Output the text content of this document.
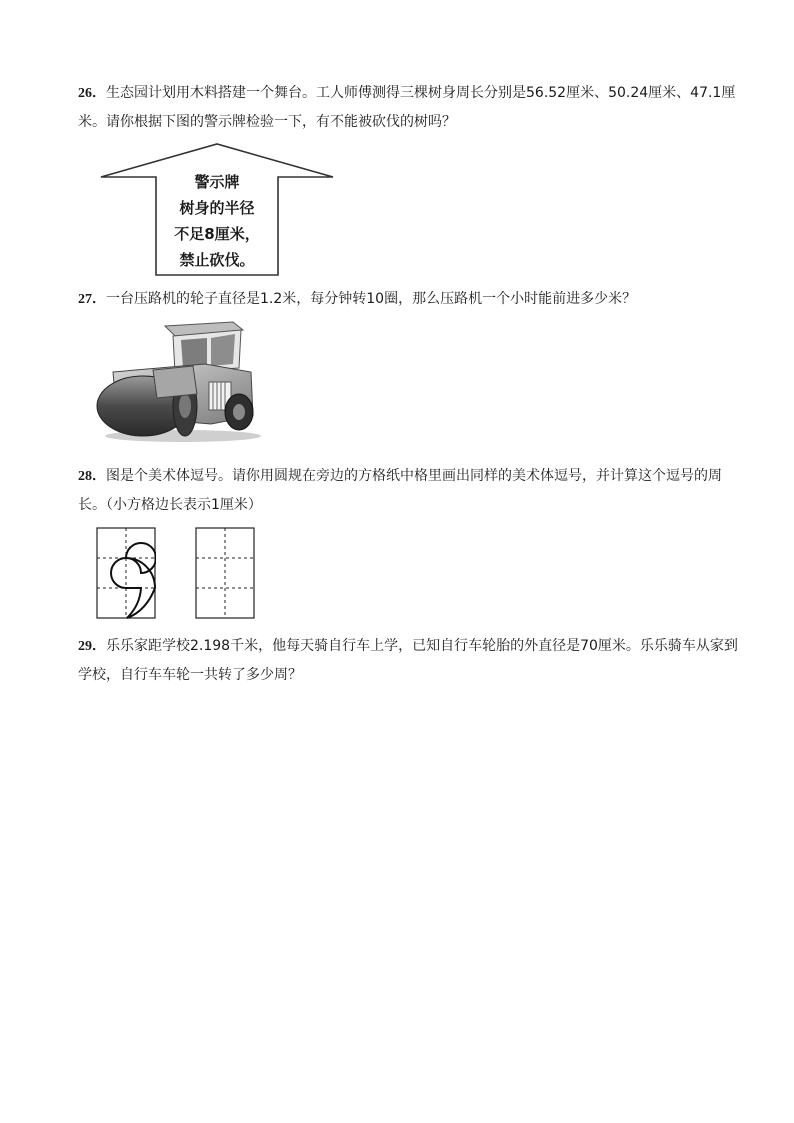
26．生态园计划用木料搭建一个舞台。工人师傅测得三棵树身周长分别是56.52厘米、50.24厘米、47.1厘米。请你根据下图的警示牌检验一下，有不能被砍伐的树吗？
警示牌
树身的半径
不足8厘米，
禁止砍伐。
27．一台压路机的轮子直径是1.2米，每分钟转10圈，那么压路机一个小时能前进多少米？
28．图是个美术体逗号。请你用圆规在旁边的方格纸中格里画出同样的美术体逗号，并计算这个逗号的周长。（小方格边长表示1厘米）
29．乐乐家距学校2.198千米，他每天骑自行车上学，已知自行车轮胎的外直径是70厘米。乐乐骑车从家到学校，自行车车轮一共转了多少周？
